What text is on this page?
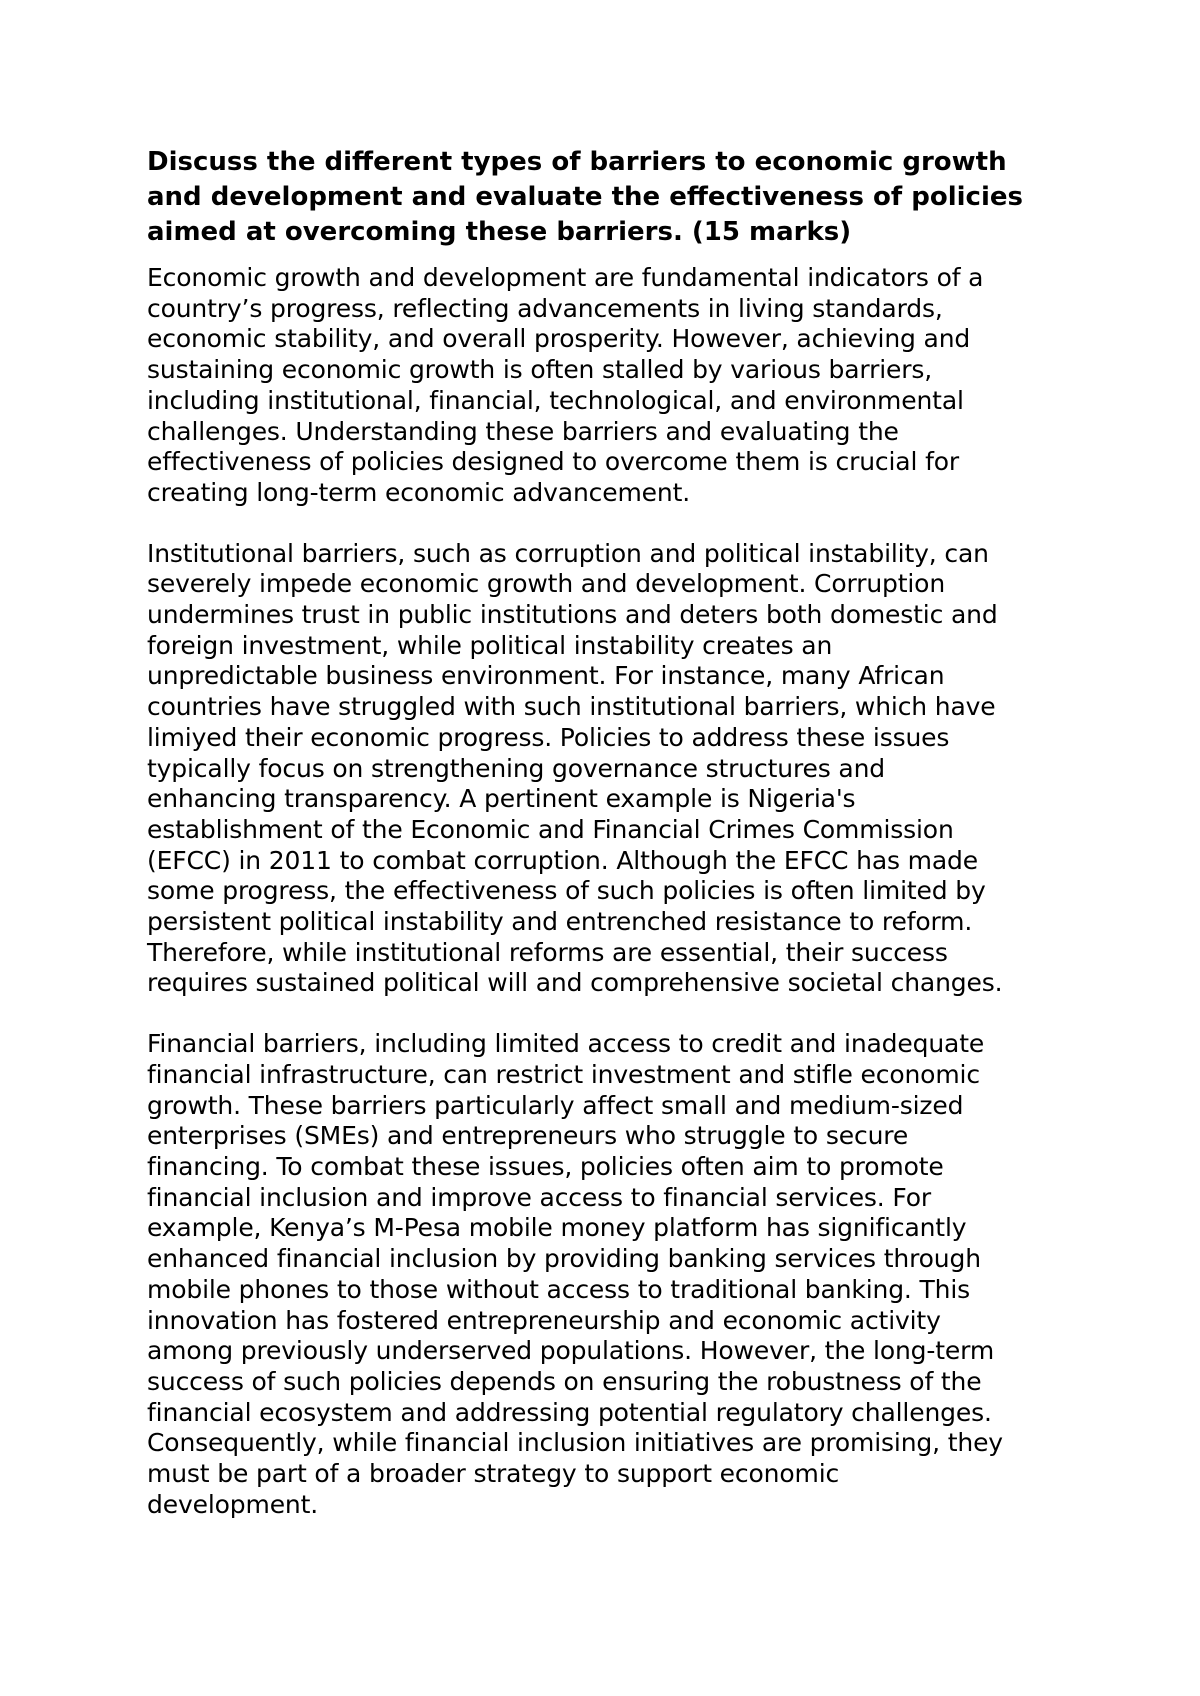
Discuss the different types of barriers to economic growth
and development and evaluate the effectiveness of policies
aimed at overcoming these barriers. (15 marks)

Economic growth and development are fundamental indicators of a
country’s progress, reflecting advancements in living standards,
economic stability, and overall prosperity. However, achieving and
sustaining economic growth is often stalled by various barriers,
including institutional, financial, technological, and environmental
challenges. Understanding these barriers and evaluating the
effectiveness of policies designed to overcome them is crucial for
creating long-term economic advancement.

Institutional barriers, such as corruption and political instability, can
severely impede economic growth and development. Corruption
undermines trust in public institutions and deters both domestic and
foreign investment, while political instability creates an
unpredictable business environment. For instance, many African
countries have struggled with such institutional barriers, which have
limiyed their economic progress. Policies to address these issues
typically focus on strengthening governance structures and
enhancing transparency. A pertinent example is Nigeria's
establishment of the Economic and Financial Crimes Commission
(EFCC) in 2011 to combat corruption. Although the EFCC has made
some progress, the effectiveness of such policies is often limited by
persistent political instability and entrenched resistance to reform.
Therefore, while institutional reforms are essential, their success
requires sustained political will and comprehensive societal changes.

Financial barriers, including limited access to credit and inadequate
financial infrastructure, can restrict investment and stifle economic
growth. These barriers particularly affect small and medium-sized
enterprises (SMEs) and entrepreneurs who struggle to secure
financing. To combat these issues, policies often aim to promote
financial inclusion and improve access to financial services. For
example, Kenya’s M-Pesa mobile money platform has significantly
enhanced financial inclusion by providing banking services through
mobile phones to those without access to traditional banking. This
innovation has fostered entrepreneurship and economic activity
among previously underserved populations. However, the long-term
success of such policies depends on ensuring the robustness of the
financial ecosystem and addressing potential regulatory challenges.
Consequently, while financial inclusion initiatives are promising, they
must be part of a broader strategy to support economic
development.
